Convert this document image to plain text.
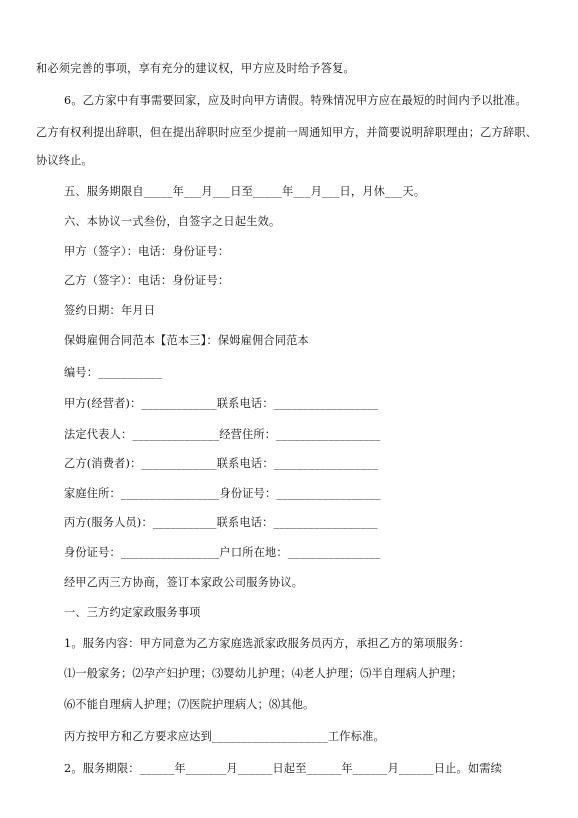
和必须完善的事项，享有充分的建议权，甲方应及时给予答复。
6。乙方家中有事需要回家，应及时向甲方请假。特殊情况甲方应在最短的时间内予以批准。
乙方有权利提出辞职，但在提出辞职时应至少提前一周通知甲方，并简要说明辞职理由；乙方辞职、
协议终止。
五、服务期限自_____年___月___日至_____年___月___日，月休___天。
六、本协议一式叁份，自签字之日起生效。
甲方（签字）：电话：身份证号：
乙方（签字）：电话：身份证号：
签约日期：年月日
保姆雇佣合同范本【范本三】：保姆雇佣合同范本
编号：___________
甲方(经营者)：_____________联系电话：__________________
法定代表人：_______________经营住所：__________________
乙方(消费者)：_____________联系电话：__________________
家庭住所：_________________身份证号：__________________
丙方(服务人员)：___________联系电话：__________________
身份证号：_________________户口所在地：________________
经甲乙丙三方协商，签订本家政公司服务协议。
一、三方约定家政服务事项
1。服务内容：甲方同意为乙方家庭选派家政服务员丙方，承担乙方的第项服务：
⑴一般家务；⑵孕产妇护理；⑶婴幼儿护理；⑷老人护理；⑸半自理病人护理；
⑹不能自理病人护理；⑺医院护理病人；⑻其他。
丙方按甲方和乙方要求应达到____________________工作标准。
2。服务期限：______年_______月______日起至______年______月______日止。如需续
